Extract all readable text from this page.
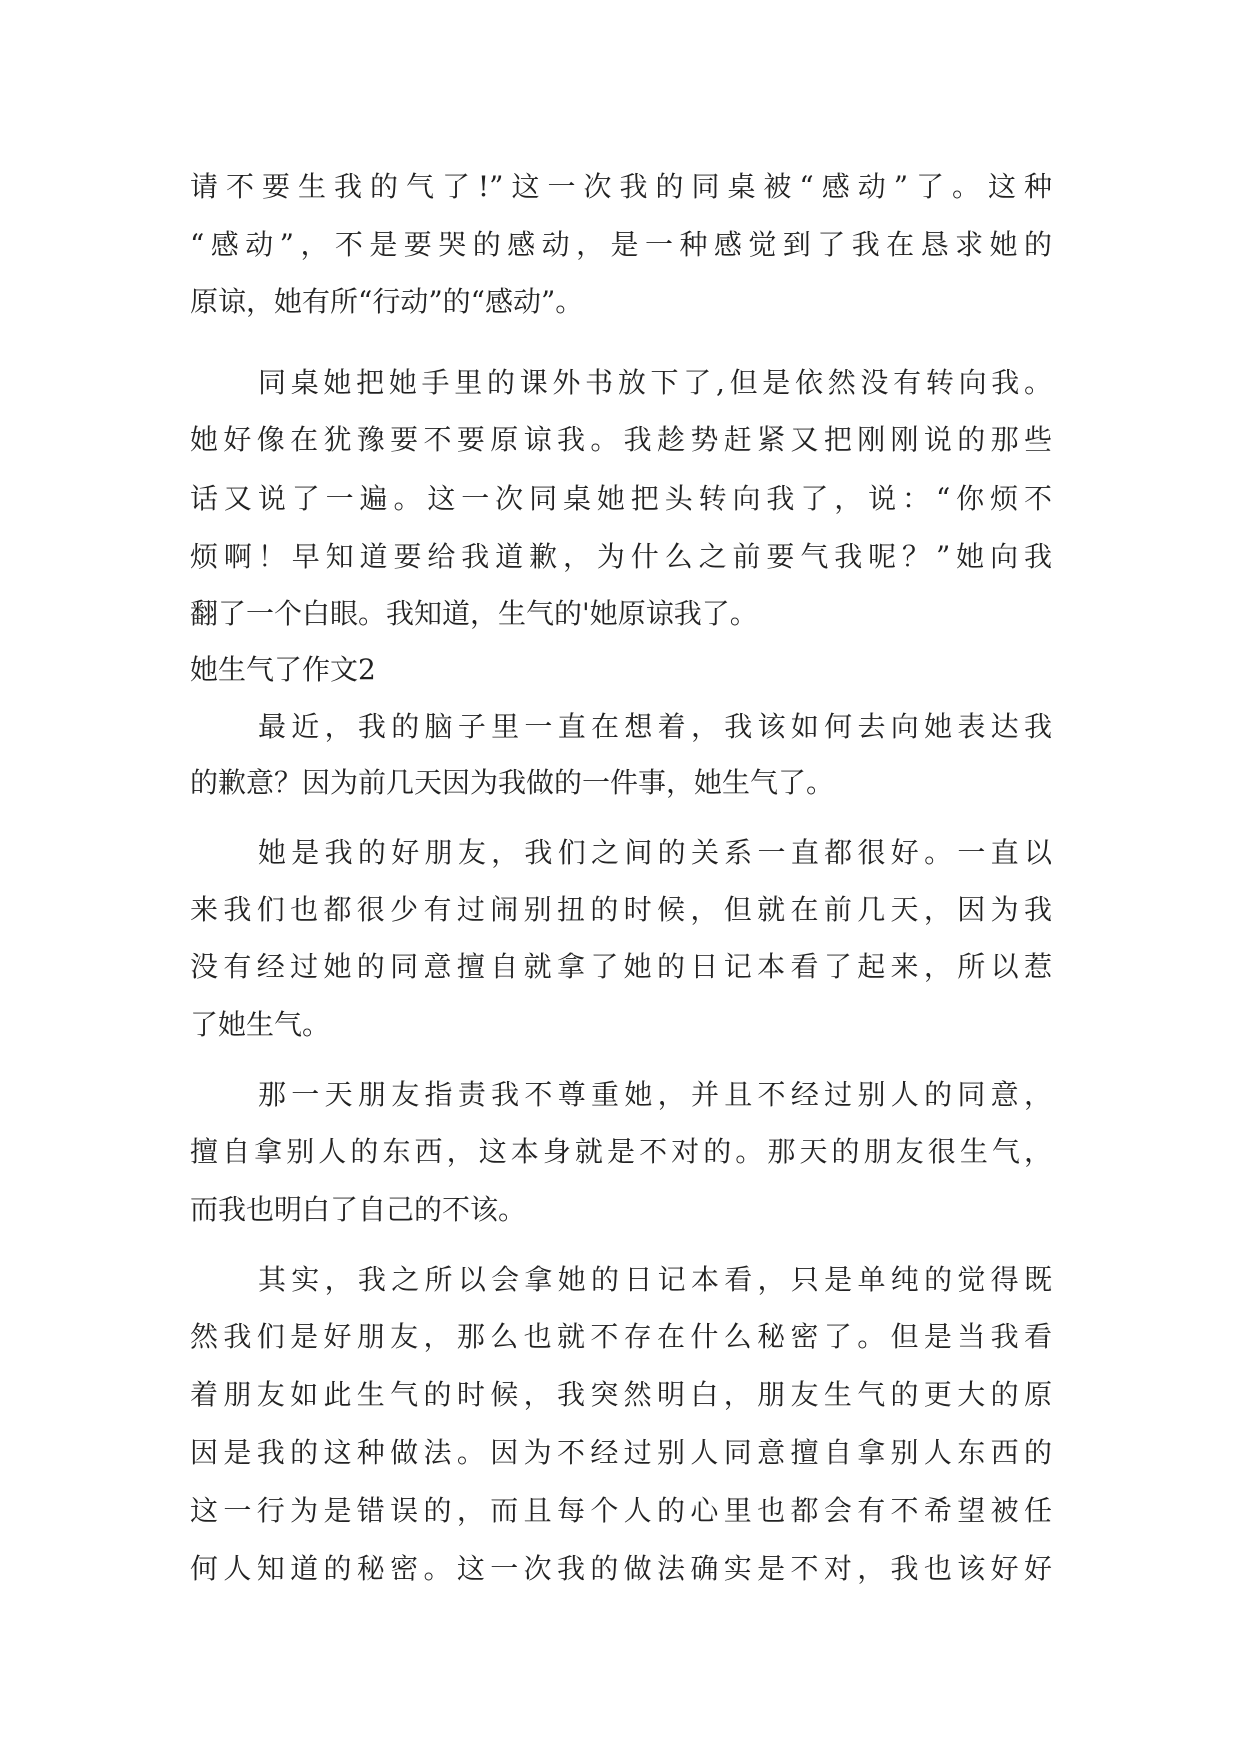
请不要生我的气了!”这一次我的同桌被“感动”了。这种
“感动”，不是要哭的感动，是一种感觉到了我在恳求她的
原谅，她有所“行动”的“感动”。
同桌她把她手里的课外书放下了,但是依然没有转向我。
她好像在犹豫要不要原谅我。我趁势赶紧又把刚刚说的那些
话又说了一遍。这一次同桌她把头转向我了，说：“你烦不
烦啊！早知道要给我道歉，为什么之前要气我呢？”她向我
翻了一个白眼。我知道，生气的'她原谅我了。
她生气了作文2
最近，我的脑子里一直在想着，我该如何去向她表达我
的歉意？因为前几天因为我做的一件事，她生气了。
她是我的好朋友，我们之间的关系一直都很好。一直以
来我们也都很少有过闹别扭的时候，但就在前几天，因为我
没有经过她的同意擅自就拿了她的日记本看了起来，所以惹
了她生气。
那一天朋友指责我不尊重她，并且不经过别人的同意，
擅自拿别人的东西，这本身就是不对的。那天的朋友很生气，
而我也明白了自己的不该。
其实，我之所以会拿她的日记本看，只是单纯的觉得既
然我们是好朋友，那么也就不存在什么秘密了。但是当我看
着朋友如此生气的时候，我突然明白，朋友生气的更大的原
因是我的这种做法。因为不经过别人同意擅自拿别人东西的
这一行为是错误的，而且每个人的心里也都会有不希望被任
何人知道的秘密。这一次我的做法确实是不对，我也该好好
